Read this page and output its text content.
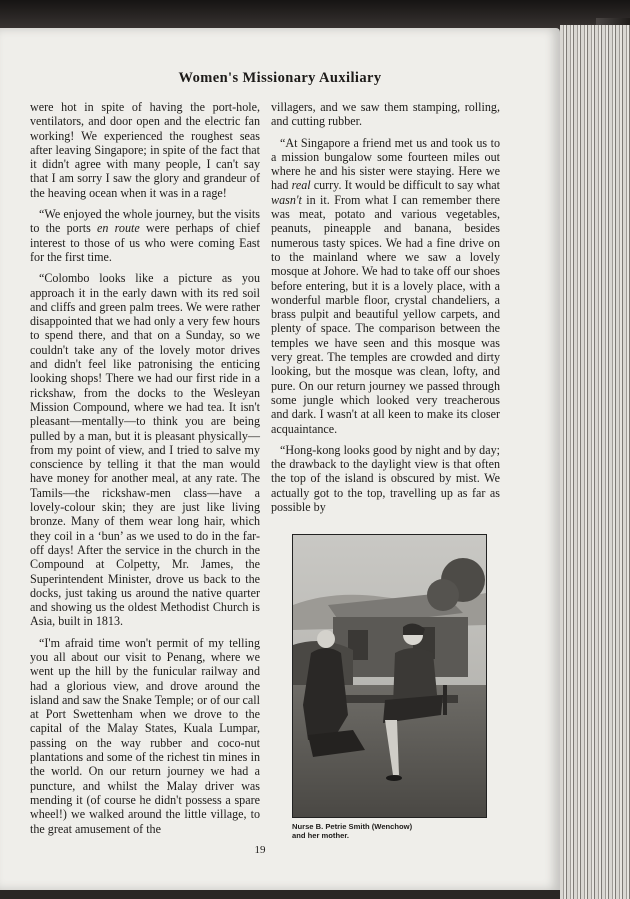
Women's Missionary Auxiliary

were hot in spite of having the port-hole, ventilators, and door open and the electric fan working! We experienced the roughest seas after leaving Singapore; in spite of the fact that it didn't agree with many people, I can't say that I am sorry I saw the glory and grandeur of the heaving ocean when it was in a rage!

“We enjoyed the whole journey, but the visits to the ports en route were perhaps of chief interest to those of us who were coming East for the first time.

“Colombo looks like a picture as you approach it in the early dawn with its red soil and cliffs and green palm trees. We were rather disappointed that we had only a very few hours to spend there, and that on a Sunday, so we couldn't take any of the lovely motor drives and didn't feel like patronising the enticing looking shops! There we had our first ride in a rickshaw, from the docks to the Wesleyan Mission Compound, where we had tea. It isn't pleasant—mentally—to think you are being pulled by a man, but it is pleasant physically—from my point of view, and I tried to salve my conscience by telling it that the man would have money for another meal, at any rate. The Tamils—the rickshaw-men class—have a lovely-colour skin; they are just like living bronze. Many of them wear long hair, which they coil in a ‘bun’ as we used to do in the far-off days! After the service in the church in the Compound at Colpetty, Mr. James, the Superintendent Minister, drove us back to the docks, just taking us around the native quarter and showing us the oldest Methodist Church is Asia, built in 1813.

“I'm afraid time won't permit of my telling you all about our visit to Penang, where we went up the hill by the funicular railway and had a glorious view, and drove around the island and saw the Snake Temple; or of our call at Port Swettenham when we drove to the capital of the Malay States, Kuala Lumpar, passing on the way rubber and coco-nut plantations and some of the richest tin mines in the world. On our return journey we had a puncture, and whilst the Malay driver was mending it (of course he didn't possess a spare wheel!) we walked around the little village, to the great amusement of the

villagers, and we saw them stamping, rolling, and cutting rubber.

“At Singapore a friend met us and took us to a mission bungalow some fourteen miles out where he and his sister were staying. Here we had real curry. It would be difficult to say what wasn't in it. From what I can remember there was meat, potato and various vegetables, peanuts, pineapple and banana, besides numerous tasty spices. We had a fine drive on to the mainland where we saw a lovely mosque at Johore. We had to take off our shoes before entering, but it is a lovely place, with a wonderful marble floor, crystal chandeliers, a brass pulpit and beautiful yellow carpets, and plenty of space. The comparison between the temples we have seen and this mosque was very great. The temples are crowded and dirty looking, but the mosque was clean, lofty, and pure. On our return journey we passed through some jungle which looked very treacherous and dark. I wasn't at all keen to make its closer acquaintance.

“Hong-kong looks good by night and by day; the drawback to the daylight view is that often the top of the island is obscured by mist. We actually got to the top, travelling up as far as possible by

Nurse B. Petrie Smith (Wenchow)
and her mother.
19
